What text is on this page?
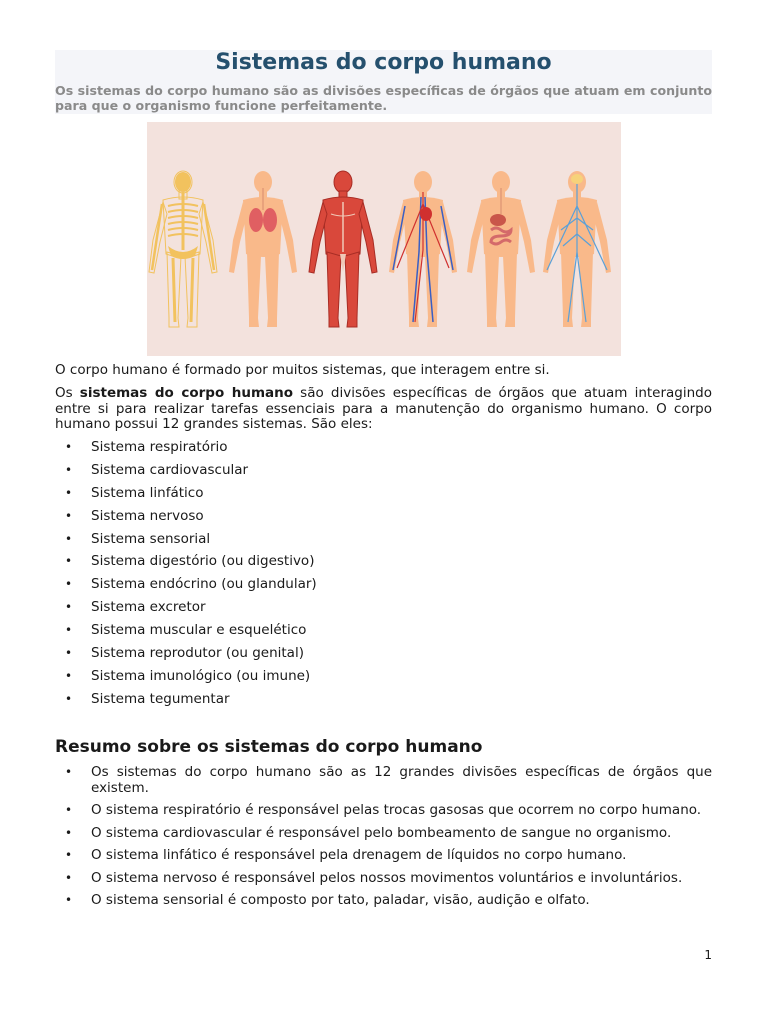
Sistemas do corpo humano
Os sistemas do corpo humano são as divisões específicas de órgãos que atuam em conjunto para que o organismo funcione perfeitamente.

O corpo humano é formado por muitos sistemas, que interagem entre si.

Os sistemas do corpo humano são divisões específicas de órgãos que atuam interagindo entre si para realizar tarefas essenciais para a manutenção do organismo humano. O corpo humano possui 12 grandes sistemas. São eles:

• Sistema respiratório
• Sistema cardiovascular
• Sistema linfático
• Sistema nervoso
• Sistema sensorial
• Sistema digestório (ou digestivo)
• Sistema endócrino (ou glandular)
• Sistema excretor
• Sistema muscular e esquelético
• Sistema reprodutor (ou genital)
• Sistema imunológico (ou imune)
• Sistema tegumentar
Resumo sobre os sistemas do corpo humano
• Os sistemas do corpo humano são as 12 grandes divisões específicas de órgãos que existem.
• O sistema respiratório é responsável pelas trocas gasosas que ocorrem no corpo humano.
• O sistema cardiovascular é responsável pelo bombeamento de sangue no organismo.
• O sistema linfático é responsável pela drenagem de líquidos no corpo humano.
• O sistema nervoso é responsável pelos nossos movimentos voluntários e involuntários.
• O sistema sensorial é composto por tato, paladar, visão, audição e olfato.
1
